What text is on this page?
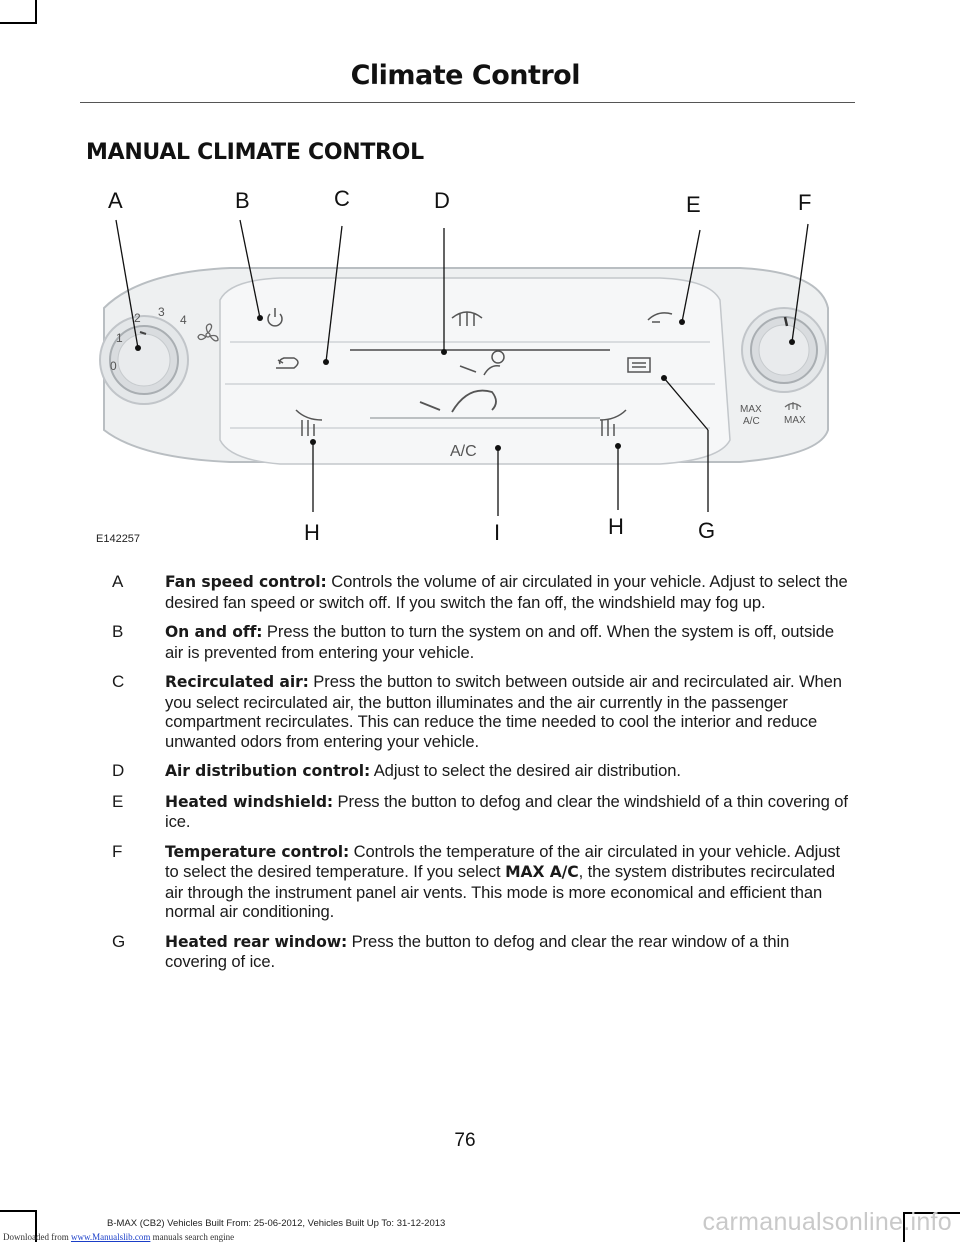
Climate Control
MANUAL CLIMATE CONTROL
0
1
2 3
4
MAX
A/C MAX
A/C
A	B	C	D	E	F
H	I	H	G
E142257
A	Fan speed control: Controls the volume of air circulated in your vehicle. Adjust to select the desired fan speed or switch off. If you switch the fan off, the windshield may fog up.
B	On and off: Press the button to turn the system on and off. When the system is off, outside air is prevented from entering your vehicle.
C	Recirculated air: Press the button to switch between outside air and recirculated air. When you select recirculated air, the button illuminates and the air currently in the passenger compartment recirculates. This can reduce the time needed to cool the interior and reduce unwanted odors from entering your vehicle.
D	Air distribution control: Adjust to select the desired air distribution.
E	Heated windshield: Press the button to defog and clear the windshield of a thin covering of ice.
F	Temperature control: Controls the temperature of the air circulated in your vehicle. Adjust to select the desired temperature. If you select MAX A/C, the system distributes recirculated air through the instrument panel air vents. This mode is more economical and efficient than normal air conditioning.
G	Heated rear window: Press the button to defog and clear the rear window of a thin covering of ice.
76
B-MAX (CB2) Vehicles Built From: 25-06-2012, Vehicles Built Up To: 31-12-2013
Downloaded from www.Manualslib.com manuals search engine
carmanualsonline.info
